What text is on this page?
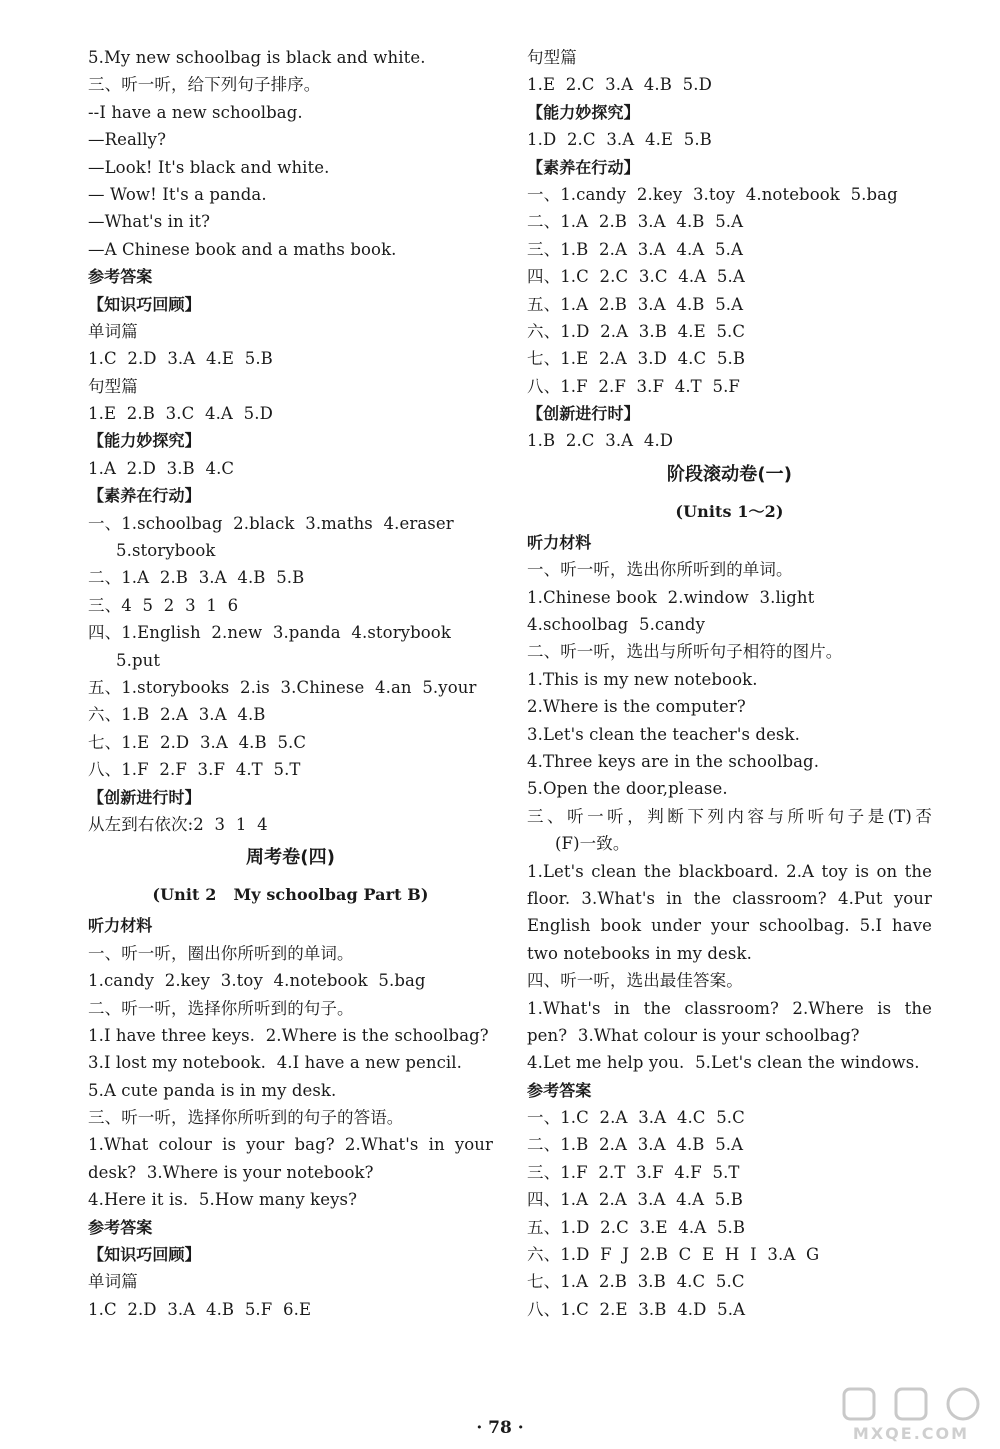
5.My new schoolbag is black and white.
三、听一听，给下列句子排序。
--I have a new schoolbag.
—Really?
—Look! It's black and white.
— Wow! It's a panda.
—What's in it?
—A Chinese book and a maths book.
参考答案
【知识巧回顾】
单词篇
1.C  2.D  3.A  4.E  5.B
句型篇
1.E  2.B  3.C  4.A  5.D
【能力妙探究】
1.A  2.D  3.B  4.C
【素养在行动】
一、1.schoolbag  2.black  3.maths  4.eraser
5.storybook
二、1.A  2.B  3.A  4.B  5.B
三、4  5  2  3  1  6
四、1.English  2.new  3.panda  4.storybook
5.put
五、1.storybooks  2.is  3.Chinese  4.an  5.your
六、1.B  2.A  3.A  4.B
七、1.E  2.D  3.A  4.B  5.C
八、1.F  2.F  3.F  4.T  5.T
【创新进行时】
从左到右依次:2  3  1  4
周考卷(四)
(Unit 2   My schoolbag Part B)
听力材料
一、听一听，圈出你所听到的单词。
1.candy  2.key  3.toy  4.notebook  5.bag
二、听一听，选择你所听到的句子。
1.I have three keys.  2.Where is the schoolbag?
3.I lost my notebook.  4.I have a new pencil.
5.A cute panda is in my desk.
三、听一听，选择你所听到的句子的答语。
1.What colour is your bag? 2.What's in your
desk?  3.Where is your notebook?
4.Here it is.  5.How many keys?
参考答案
【知识巧回顾】
单词篇
1.C  2.D  3.A  4.B  5.F  6.E
句型篇
1.E  2.C  3.A  4.B  5.D
【能力妙探究】
1.D  2.C  3.A  4.E  5.B
【素养在行动】
一、1.candy  2.key  3.toy  4.notebook  5.bag
二、1.A  2.B  3.A  4.B  5.A
三、1.B  2.A  3.A  4.A  5.A
四、1.C  2.C  3.C  4.A  5.A
五、1.A  2.B  3.A  4.B  5.A
六、1.D  2.A  3.B  4.E  5.C
七、1.E  2.A  3.D  4.C  5.B
八、1.F  2.F  3.F  4.T  5.F
【创新进行时】
1.B  2.C  3.A  4.D
阶段滚动卷(一)
(Units 1～2)
听力材料
一、听一听，选出你所听到的单词。
1.Chinese book  2.window  3.light
4.schoolbag  5.candy
二、听一听，选出与所听句子相符的图片。
1.This is my new notebook.
2.Where is the computer?
3.Let's clean the teacher's desk.
4.Three keys are in the schoolbag.
5.Open the door,please.
三、听一听，判断下列内容与所听句子是(T)否
(F)一致。
1.Let's clean the blackboard. 2.A toy is on the
floor. 3.What's in the classroom? 4.Put your
English book under your schoolbag. 5.I have
two notebooks in my desk.
四、听一听，选出最佳答案。
1.What's in the classroom? 2.Where is the
pen?  3.What colour is your schoolbag?
4.Let me help you.  5.Let's clean the windows.
参考答案
一、1.C  2.A  3.A  4.C  5.C
二、1.B  2.A  3.A  4.B  5.A
三、1.F  2.T  3.F  4.F  5.T
四、1.A  2.A  3.A  4.A  5.B
五、1.D  2.C  3.E  4.A  5.B
六、1.D  F  J  2.B  C  E  H  I  3.A  G
七、1.A  2.B  3.B  4.C  5.C
八、1.C  2.E  3.B  4.D  5.A
· 78 ·	MXQE.COM
